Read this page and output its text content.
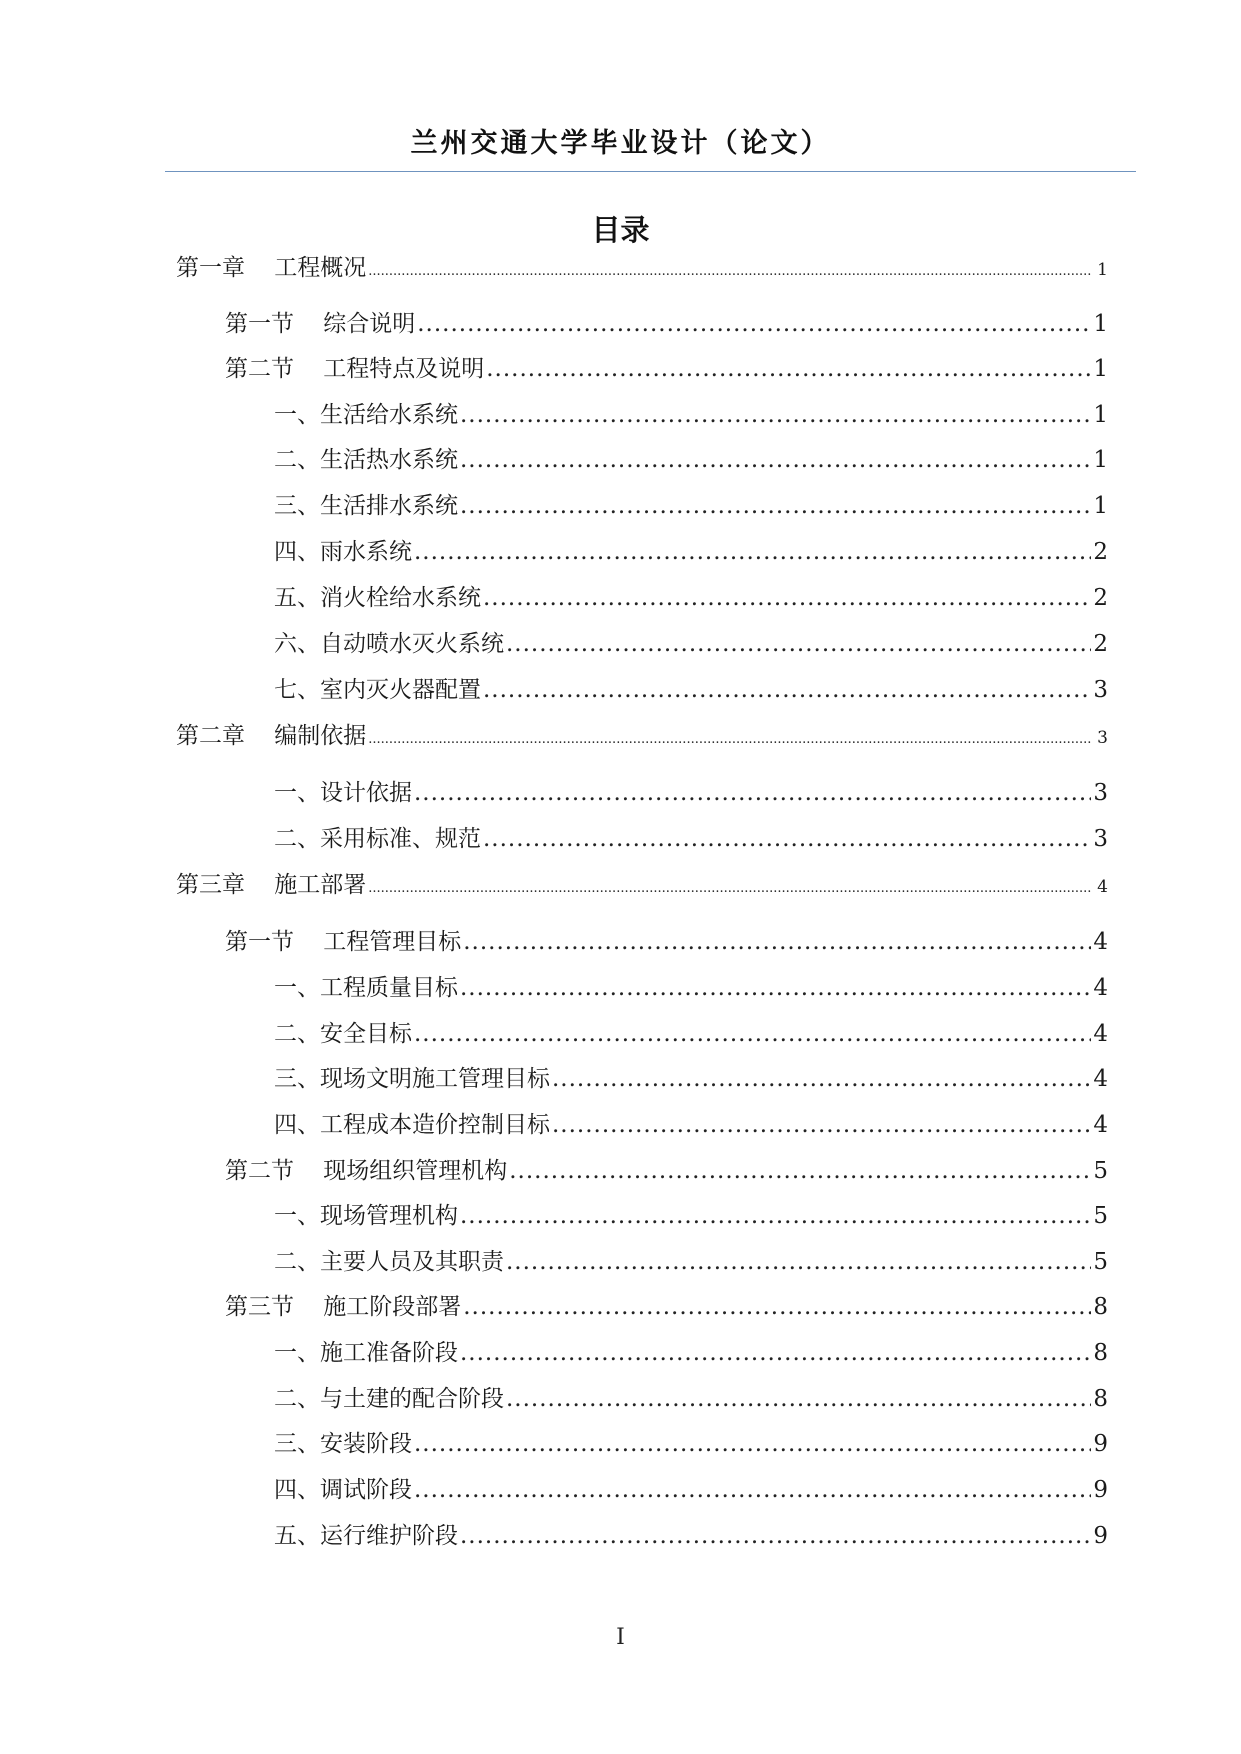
兰州交通大学毕业设计（论文）
目录
第一章    工程概况 .....	1
第一节    综合说明 .....	1
第二节    工程特点及说明 .....	1
一、生活给水系统 .....	1
二、生活热水系统 .....	1
三、生活排水系统 .....	1
四、雨水系统 .....	2
五、消火栓给水系统 .....	2
六、自动喷水灭火系统 .....	2
七、室内灭火器配置 .....	3
第二章    编制依据 .....	3
一、设计依据 .....	3
二、采用标准、规范 .....	3
第三章    施工部署 .....	4
第一节    工程管理目标 .....	4
一、工程质量目标 .....	4
二、安全目标 .....	4
三、现场文明施工管理目标 .....	4
四、工程成本造价控制目标 .....	4
第二节    现场组织管理机构 .....	5
一、现场管理机构 .....	5
二、主要人员及其职责 .....	5
第三节    施工阶段部署 .....	8
一、施工准备阶段 .....	8
二、与土建的配合阶段 .....	8
三、安装阶段 .....	9
四、调试阶段 .....	9
五、运行维护阶段 .....	9
I
